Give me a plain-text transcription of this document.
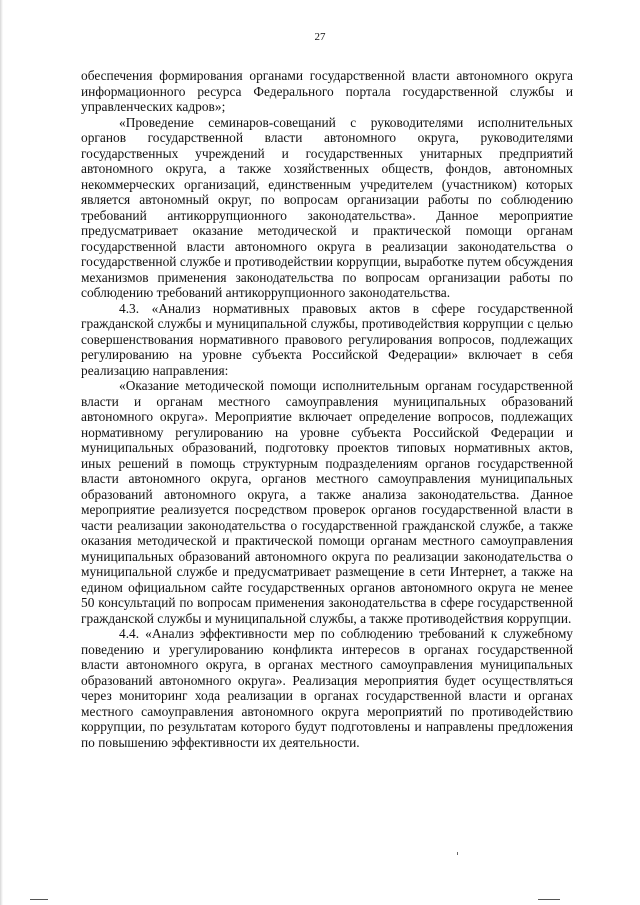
27

обеспечения формирования органами государственной власти автономного округа информационного ресурса Федерального портала государственной службы и управленческих кадров»;

«Проведение семинаров-совещаний с руководителями исполнительных органов государственной власти автономного округа, руководителями государственных учреждений и государственных унитарных предприятий автономного округа, а также хозяйственных обществ, фондов, автономных некоммерческих организаций, единственным учредителем (участником) которых является автономный округ, по вопросам организации работы по соблюдению требований антикоррупционного законодательства». Данное мероприятие предусматривает оказание методической и практической помощи органам государственной власти автономного округа в реализации законодательства о государственной службе и противодействии коррупции, выработке путем обсуждения механизмов применения законодательства по вопросам организации работы по соблюдению требований антикоррупционного законодательства.

4.3. «Анализ нормативных правовых актов в сфере государственной гражданской службы и муниципальной службы, противодействия коррупции с целью совершенствования нормативного правового регулирования вопросов, подлежащих регулированию на уровне субъекта Российской Федерации» включает в себя реализацию направления:

«Оказание методической помощи исполнительным органам государственной власти и органам местного самоуправления муниципальных образований автономного округа». Мероприятие включает определение вопросов, подлежащих нормативному регулированию на уровне субъекта Российской Федерации и муниципальных образований, подготовку проектов типовых нормативных актов, иных решений в помощь структурным подразделениям органов государственной власти автономного округа, органов местного самоуправления муниципальных образований автономного округа, а также анализа законодательства. Данное мероприятие реализуется посредством проверок органов государственной власти в части реализации законодательства о государственной гражданской службе, а также оказания методической и практической помощи органам местного самоуправления муниципальных образований автономного округа по реализации законодательства о муниципальной службе и предусматривает размещение в сети Интернет, а также на едином официальном сайте государственных органов автономного округа не менее 50 консультаций по вопросам применения законодательства в сфере государственной гражданской службы и муниципальной службы, а также противодействия коррупции.

4.4. «Анализ эффективности мер по соблюдению требований к служебному поведению и урегулированию конфликта интересов в органах государственной власти автономного округа, в органах местного самоуправления муниципальных образований автономного округа». Реализация мероприятия будет осуществляться через мониторинг хода реализации в органах государственной власти и органах местного самоуправления автономного округа мероприятий по противодействию коррупции, по результатам которого будут подготовлены и направлены предложения по повышению эффективности их деятельности.
